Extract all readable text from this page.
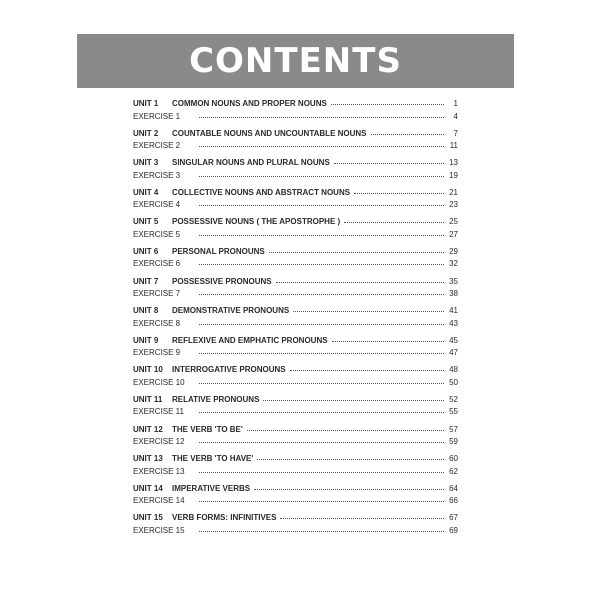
CONTENTS
UNIT 1	COMMON NOUNS AND PROPER NOUNS	1
EXERCISE 1	4
UNIT 2	COUNTABLE NOUNS AND UNCOUNTABLE NOUNS	7
EXERCISE 2	11
UNIT 3	SINGULAR NOUNS AND PLURAL NOUNS	13
EXERCISE 3	19
UNIT 4	COLLECTIVE NOUNS AND ABSTRACT NOUNS	21
EXERCISE 4	23
UNIT 5	POSSESSIVE NOUNS ( THE APOSTROPHE )	25
EXERCISE 5	27
UNIT 6	PERSONAL PRONOUNS	29
EXERCISE 6	32
UNIT 7	POSSESSIVE PRONOUNS	35
EXERCISE 7	38
UNIT 8	DEMONSTRATIVE PRONOUNS	41
EXERCISE 8	43
UNIT 9	REFLEXIVE AND EMPHATIC PRONOUNS	45
EXERCISE 9	47
UNIT 10	INTERROGATIVE PRONOUNS	48
EXERCISE 10	50
UNIT 11	RELATIVE PRONOUNS	52
EXERCISE 11	55
UNIT 12	THE VERB 'TO BE'	57
EXERCISE 12	59
UNIT 13	THE VERB 'TO HAVE'	60
EXERCISE 13	62
UNIT 14	IMPERATIVE VERBS	64
EXERCISE 14	66
UNIT 15	VERB FORMS: INFINITIVES	67
EXERCISE 15	69
